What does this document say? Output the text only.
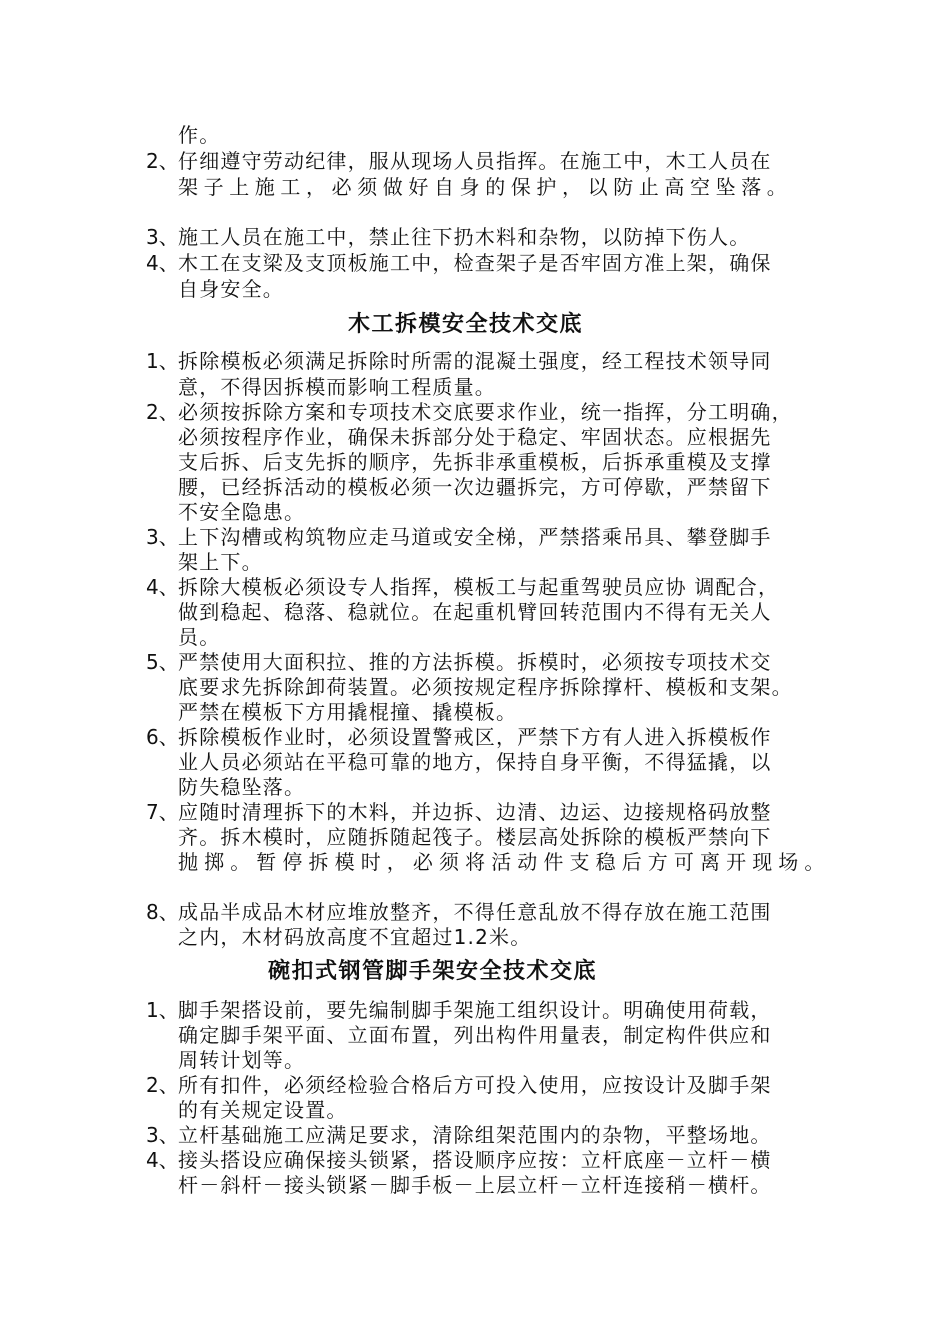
作。
2、 仔细遵守劳动纪律，服从现场人员指挥。在施工中，木工人员在
架子上施工，必须做好自身的保护，以防止高空坠落。
3、 施工人员在施工中，禁止往下扔木料和杂物，以防掉下伤人。
4、 木工在支梁及支顶板施工中，检查架子是否牢固方准上架，确保
自身安全。
木工拆模安全技术交底
1、 拆除模板必须满足拆除时所需的混凝土强度，经工程技术领导同
意，不得因拆模而影响工程质量。
2、 必须按拆除方案和专项技术交底要求作业，统一指挥，分工明确，
必须按程序作业，确保未拆部分处于稳定、牢固状态。应根据先
支后拆、后支先拆的顺序，先拆非承重模板，后拆承重模及支撑
腰，已经拆活动的模板必须一次边疆拆完，方可停歇，严禁留下
不安全隐患。
3、 上下沟槽或构筑物应走马道或安全梯，严禁搭乘吊具、攀登脚手
架上下。
4、 拆除大模板必须设专人指挥，模板工与起重驾驶员应协 调配合，
做到稳起、稳落、稳就位。在起重机臂回转范围内不得有无关人
员。
5、 严禁使用大面积拉、推的方法拆模。拆模时，必须按专项技术交
底要求先拆除卸荷装置。必须按规定程序拆除撑杆、模板和支架。
严禁在模板下方用撬棍撞、撬模板。
6、 拆除模板作业时，必须设置警戒区，严禁下方有人进入拆模板作
业人员必须站在平稳可靠的地方，保持自身平衡，不得猛撬，以
防失稳坠落。
7、 应随时清理拆下的木料，并边拆、边清、边运、边接规格码放整
齐。拆木模时，应随拆随起筏子。楼层高处拆除的模板严禁向下
抛掷。暂停拆模时，必须将活动件支稳后方可离开现场。
8、 成品半成品木材应堆放整齐，不得任意乱放不得存放在施工范围
之内，木材码放高度不宜超过1.2米。
碗扣式钢管脚手架安全技术交底
1、 脚手架搭设前，要先编制脚手架施工组织设计。明确使用荷载，
确定脚手架平面、立面布置，列出构件用量表，制定构件供应和
周转计划等。
2、 所有扣件，必须经检验合格后方可投入使用，应按设计及脚手架
的有关规定设置。
3、 立杆基础施工应满足要求，清除组架范围内的杂物，平整场地。
4、 接头搭设应确保接头锁紧，搭设顺序应按：立杆底座－立杆－横
杆－斜杆－接头锁紧－脚手板－上层立杆－立杆连接稍－横杆。
